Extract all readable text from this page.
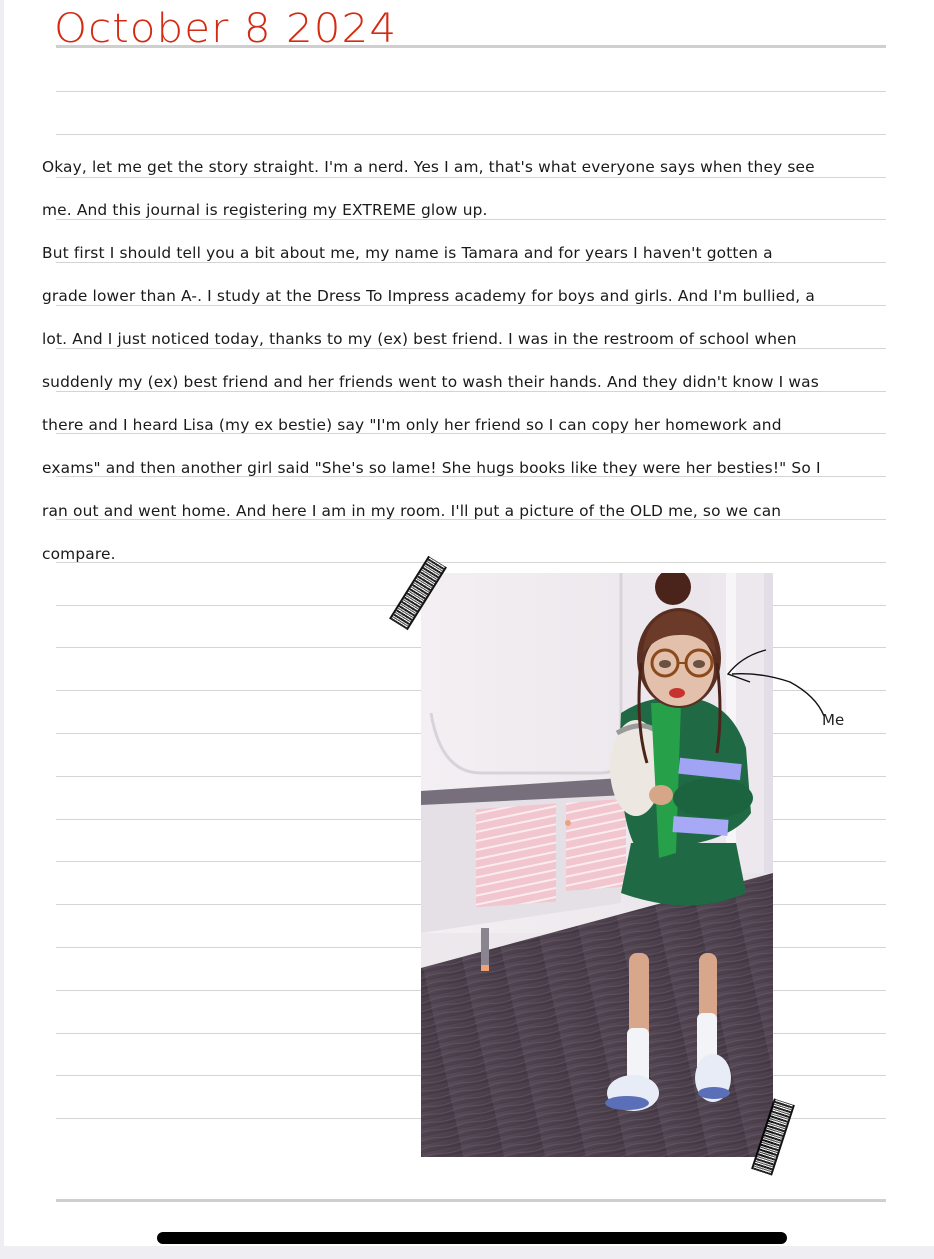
October 8 2024
Okay, let me get the story straight. I'm a nerd. Yes I am, that's what everyone says when they see
me. And this journal is registering my EXTREME glow up.
But first I should tell you a bit about me, my name is Tamara and for years I haven't gotten a
grade lower than A-. I study at the Dress To Impress academy for boys and girls. And I'm bullied, a
lot. And I just noticed today, thanks to my (ex) best friend. I was in the restroom of school when
suddenly my (ex) best friend and her friends went to wash their hands. And they didn't know I was
there and I heard Lisa (my ex bestie) say "I'm only her friend so I can copy her homework and
exams" and then another girl said "She's so lame! She hugs books like they were her besties!" So I
ran out and went home. And here I am in my room. I'll put a picture of the OLD me, so we can
compare.
Me
